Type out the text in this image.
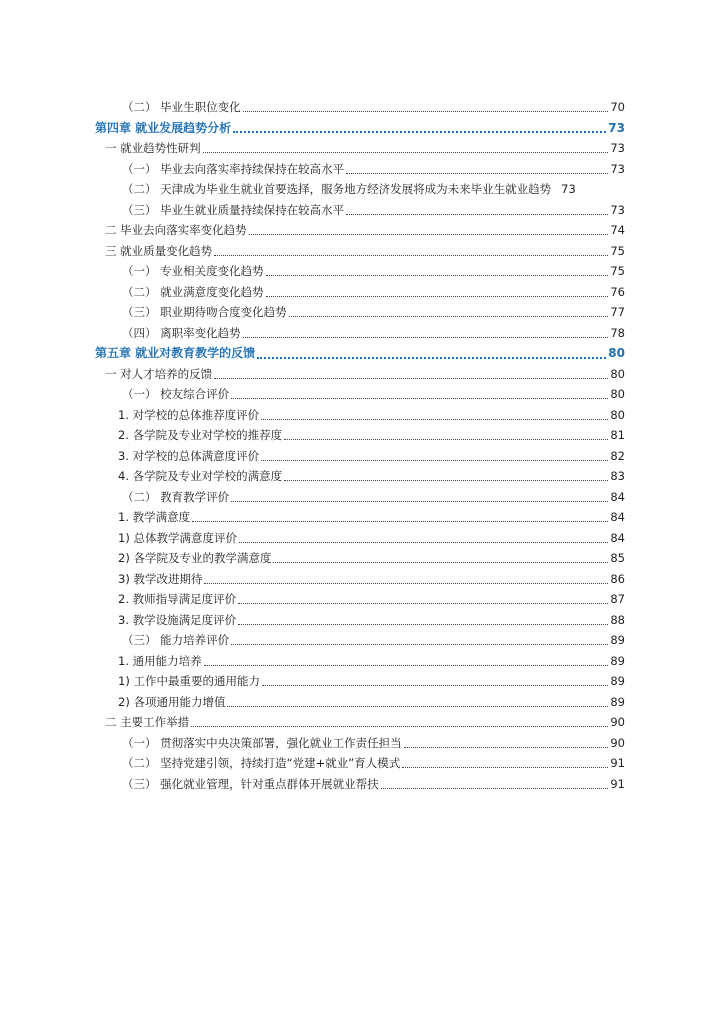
（二） 毕业生职位变化	70
第四章 就业发展趋势分析	73
一 就业趋势性研判	73
（一） 毕业去向落实率持续保持在较高水平	73
（二） 天津成为毕业生就业首要选择，服务地方经济发展将成为未来毕业生就业趋势 73
（三） 毕业生就业质量持续保持在较高水平	73
二 毕业去向落实率变化趋势	74
三 就业质量变化趋势	75
（一） 专业相关度变化趋势	75
（二） 就业满意度变化趋势	76
（三） 职业期待吻合度变化趋势	77
（四） 离职率变化趋势	78
第五章 就业对教育教学的反馈	80
一 对人才培养的反馈	80
（一） 校友综合评价	80
1. 对学校的总体推荐度评价	80
2. 各学院及专业对学校的推荐度	81
3. 对学校的总体满意度评价	82
4. 各学院及专业对学校的满意度	83
（二） 教育教学评价	84
1. 教学满意度	84
1) 总体教学满意度评价	84
2) 各学院及专业的教学满意度	85
3) 教学改进期待	86
2. 教师指导满足度评价	87
3. 教学设施满足度评价	88
（三） 能力培养评价	89
1. 通用能力培养	89
1) 工作中最重要的通用能力	89
2) 各项通用能力增值	89
二 主要工作举措	90
（一） 贯彻落实中央决策部署，强化就业工作责任担当	90
（二） 坚持党建引领，持续打造“党建+就业”育人模式	91
（三） 强化就业管理，针对重点群体开展就业帮扶	91
